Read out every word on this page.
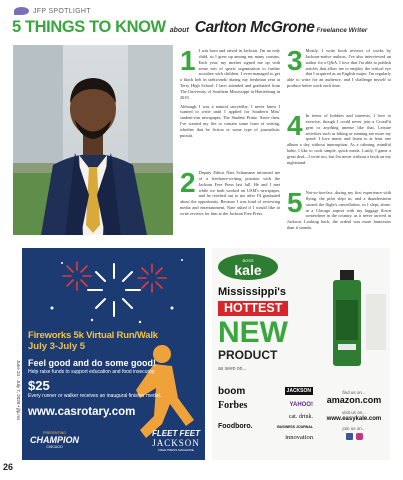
JFP SPOTLIGHT
5 THINGS TO KNOW about Carlton McGrone Freelance Writer
1 I was born and raised in Jackson. I'm an only child, so I grew up among my many cousins. Each year, my mother signed me up with some sort of sports organization to further socialize with children. I even managed to get a black belt in taekwondo during my freshman year at Terry High School. I later attended and graduated from The University of Southern Mississippi in Hattiesburg in 2019.

Although I was a natural storyteller, I never knew I wanted to write until I applied for Southern Miss' student-run newspaper, The Student Printz. Since then, I've wanted my life to contain some form of writing, whether that be fiction or some type of journalistic pursuit.

2 Deputy Editor Nate Schumann informed me of a freelance-writing position with the Jackson Free Press last fall. He and I met while we both worked on USM's newspaper, and he reached out to me after I'd graduated about the opportunity. Because I was fond of reviewing media and entertainment, Nate asked if I would like to write reviews for him at the Jackson Free Press.

3 Mostly, I write book reviews of works by Jackson-native authors. I've also interviewed an author for a Q&A. I love that I'm able to publish articles that allow me to employ the critical eye that I acquired as an English major. I'm regularly able to write for an audience, and I challenge myself to produce better work each time.

4 In terms of hobbies and interests, I love to exercise, though I could never join a CrossFit gym or anything intense like that. Leisure activities such as hiking or running are more my speed. I love music and listen to at least one album a day without interruption. As a calming, mindful habit, I like to cook simple, quick meals. Lastly, I game a great deal—I write too, but I'm never without a book on my nightstand.

5 Not-so-fun-fact, during my first experience with flying, the pilot slept in, and a thunderstorm caused the flight's cancellation, so I slept, alone, in a Chicago airport with my luggage flown somewhere in the country, as it never arrived in Jackson. Looking back, the ordeal was more humorous than it sounds.

Fireworks 5k Virtual Run/Walk
July 3-July 5
Feel good and do some good!
Help raise funds to support education and food insecurity.
$25
Every runner or walker receives an inaugural finisher medal.
www.casrotary.com
PRESENTING
CHAMPION
CHICAGO
FLEET FEET
JACKSON
FREE PRESS MAGAZINE
BOSS
kale
Mississippi's
HOTTEST
NEW
PRODUCT
as seen on...
boom	JACKSON
Forbes	YAHOO!
cat. drink.
Foodboro.	BUSINESS JOURNAL
innovation
find us on...
amazon.com
visit us on...
www.easykale.com
join us on...
June 24 - July 7, 2020 • jfp.ms
26
